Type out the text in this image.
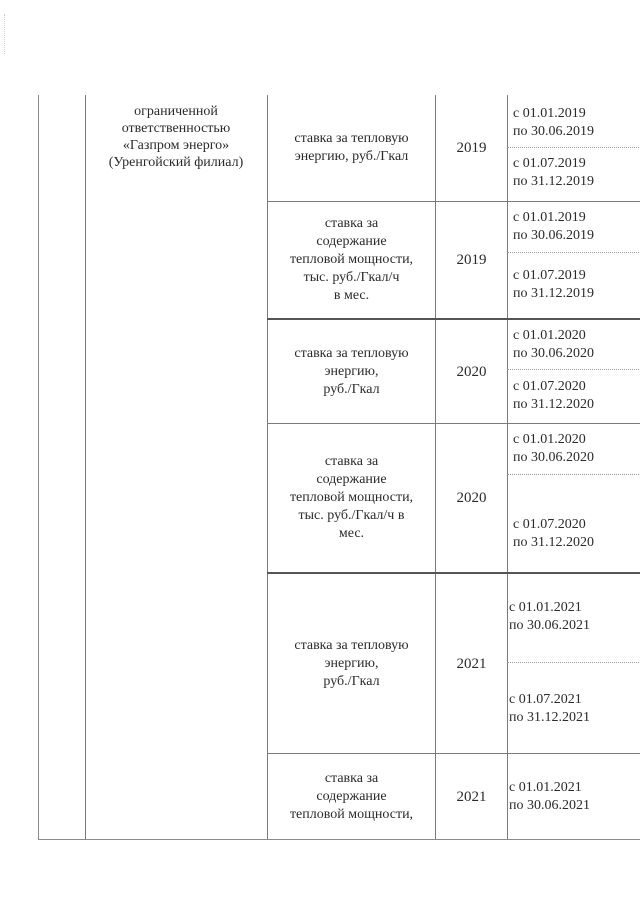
ограниченной
ответственностью
«Газпром энерго»
(Уренгойский филиал)
ставка за тепловую
энергию, руб./Гкал
2019
с 01.01.2019
по 30.06.2019
с 01.07.2019
по 31.12.2019
ставка за
содержание
тепловой мощности,
тыс. руб./Гкал/ч
в мес.
2019
с 01.01.2019
по 30.06.2019
с 01.07.2019
по 31.12.2019
ставка за тепловую
энергию,
руб./Гкал
2020
с 01.01.2020
по 30.06.2020
с 01.07.2020
по 31.12.2020
ставка за
содержание
тепловой мощности,
тыс. руб./Гкал/ч в
мес.
2020
с 01.01.2020
по 30.06.2020
с 01.07.2020
по 31.12.2020
ставка за тепловую
энергию,
руб./Гкал
2021
с 01.01.2021
по 30.06.2021
с 01.07.2021
по 31.12.2021
ставка за
содержание
тепловой мощности,
2021
с 01.01.2021
по 30.06.2021
